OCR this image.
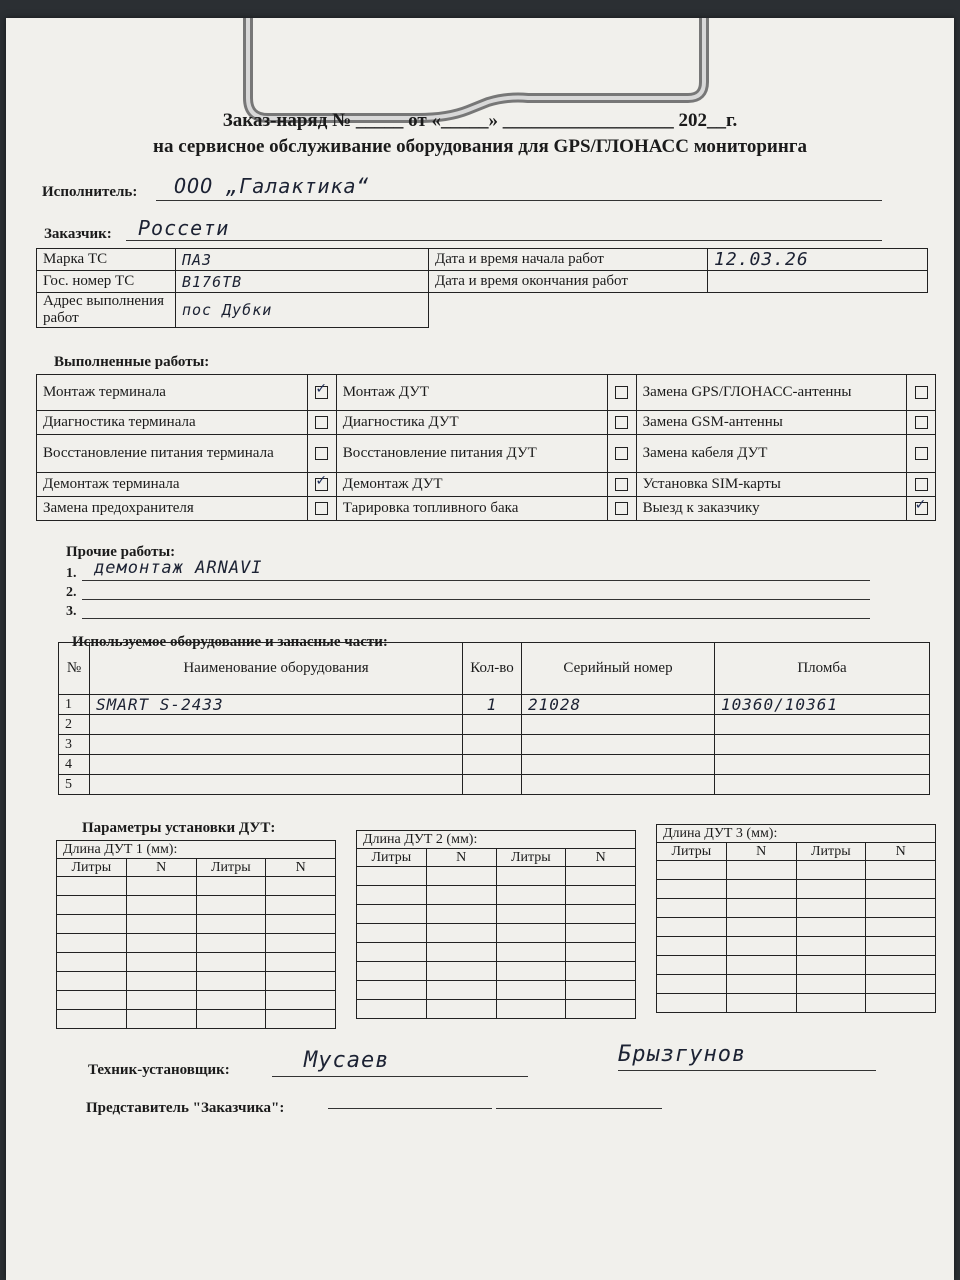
Заказ-наряд № _____ от «_____» __________________ 202__г.
на сервисное обслуживание оборудования для GPS/ГЛОНАСС мониторинга
Исполнитель: ООО „Галактика“
Заказчик: Россети
Марка ТС	ПАЗ	Дата и время начала работ	12.03.26
Гос. номер ТС	В176ТВ	Дата и время окончания работ	
Адрес выполнения работ	пос Дубки		
Выполненные работы:
Монтаж терминала	✓	Монтаж ДУТ		Замена GPS/ГЛОНАСС-антенны	
Диагностика терминала		Диагностика ДУТ		Замена GSM-антенны	
Восстановление питания терминала		Восстановление питания ДУТ		Замена кабеля ДУТ	
Демонтаж терминала	✓	Демонтаж ДУТ		Установка SIM-карты	
Замена предохранителя		Тарировка топливного бака		Выезд к заказчику	✓
Прочие работы:
1. демонтаж ARNAVI
2.
3.
Используемое оборудование и запасные части:
№	Наименование оборудования	Кол-во	Серийный номер	Пломба
1	SMART S-2433	1	21028	10360/10361
2				
3				
4				
5				
Параметры установки ДУТ:
Длина ДУТ 1 (мм):			
Литры	N	Литры	N

Длина ДУТ 2 (мм):			
Литры	N	Литры	N

Длина ДУТ 3 (мм):			
Литры	N	Литры	N

Техник-установщик:	Мусаев	Брызгунов
Представитель "Заказчика":
